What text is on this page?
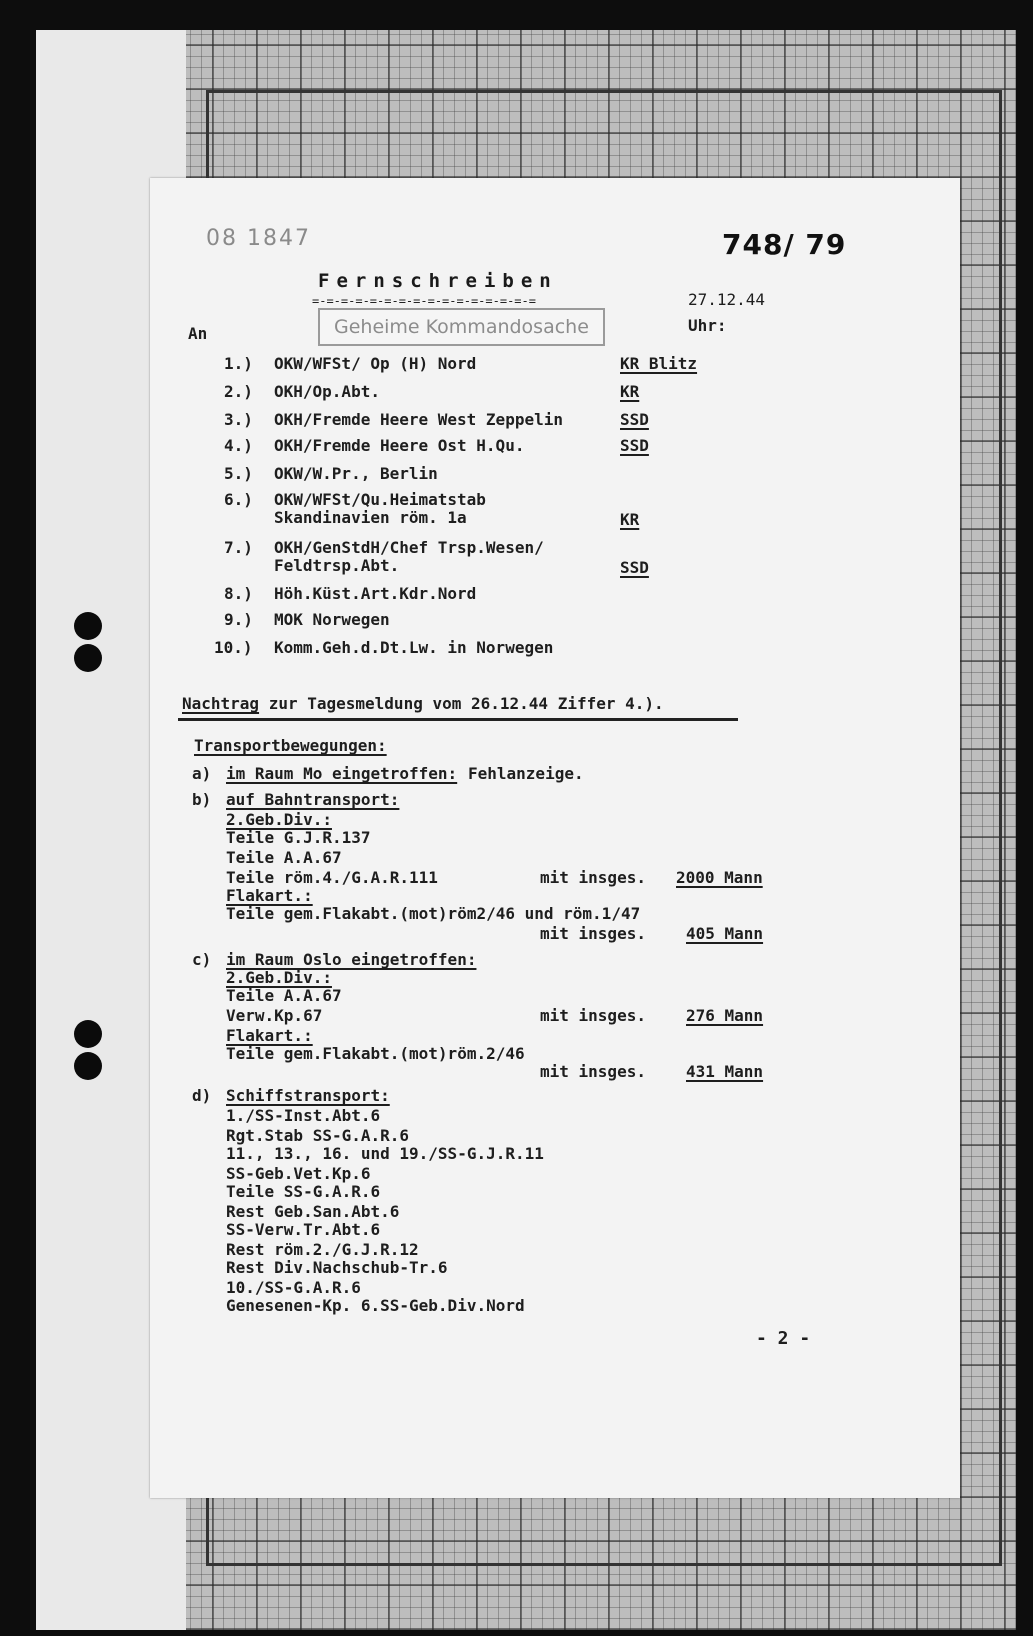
08 1847	748/ 79
Fernschreiben
=-=-=-=-=-=-=-=-=-=-=-=-=-=-=-=	27.12.44
Uhr:
Geheime Kommandosache
An
1.) OKW/WFSt/ Op (H) Nord	KR Blitz
2.) OKH/Op.Abt.	KR
3.) OKH/Fremde Heere West Zeppelin	SSD
4.) OKH/Fremde Heere Ost H.Qu.	SSD
5.) OKW/W.Pr., Berlin
6.) OKW/WFSt/Qu.Heimatstab
Skandinavien röm. 1a	KR
7.) OKH/GenStdH/Chef Trsp.Wesen/
Feldtrsp.Abt.	SSD
8.) Höh.Küst.Art.Kdr.Nord
9.) MOK Norwegen
10.) Komm.Geh.d.Dt.Lw. in Norwegen
Nachtrag zur Tagesmeldung vom 26.12.44 Ziffer 4.).
Transportbewegungen:
a) im Raum Mo eingetroffen: Fehlanzeige.
b) auf Bahntransport:
2.Geb.Div.:
Teile G.J.R.137
Teile A.A.67
Teile röm.4./G.A.R.111	mit insges. 2000 Mann
Flakart.:
Teile gem.Flakabt.(mot)röm2/46 und röm.1/47
mit insges.	405 Mann
c) im Raum Oslo eingetroffen:
2.Geb.Div.:
Teile A.A.67
Verw.Kp.67	mit insges.	276 Mann
Flakart.:
Teile gem.Flakabt.(mot)röm.2/46
mit insges.	431 Mann
d) Schiffstransport:
1./SS-Inst.Abt.6
Rgt.Stab SS-G.A.R.6
11., 13., 16. und 19./SS-G.J.R.11
SS-Geb.Vet.Kp.6
Teile SS-G.A.R.6
Rest Geb.San.Abt.6
SS-Verw.Tr.Abt.6
Rest röm.2./G.J.R.12
Rest Div.Nachschub-Tr.6
10./SS-G.A.R.6
Genesenen-Kp. 6.SS-Geb.Div.Nord
- 2 -
